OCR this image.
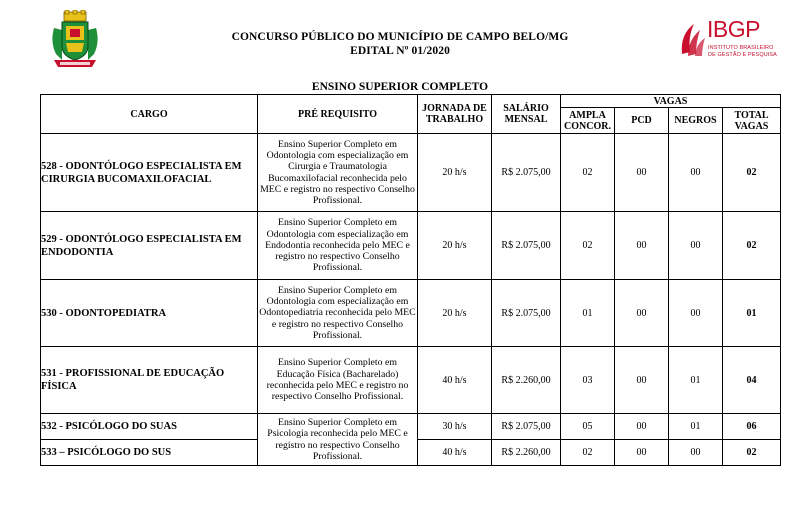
CONCURSO PÚBLICO DO MUNICÍPIO DE CAMPO BELO/MG
EDITAL Nº 01/2020
IBGP
INSTITUTO BRASILEIRO
DE GESTÃO E PESQUISA
ENSINO SUPERIOR COMPLETO
CARGO	PRÉ REQUISITO	JORNADA DE TRABALHO	SALÁRIO MENSAL	VAGAS			
				AMPLA CONCOR.	PCD	NEGROS	TOTAL VAGAS
528 - ODONTÓLOGO ESPECIALISTA EM CIRURGIA BUCOMAXILOFACIAL	Ensino Superior Completo em Odontologia com especialização em Cirurgia e Traumatologia Bucomaxilofacial reconhecida pelo MEC e registro no respectivo Conselho Profissional.	20 h/s	R$ 2.075,00	02	00	00	02
529 - ODONTÓLOGO ESPECIALISTA EM ENDODONTIA	Ensino Superior Completo em Odontologia com especialização em Endodontia reconhecida pelo MEC e registro no respectivo Conselho Profissional.	20 h/s	R$ 2.075,00	02	00	00	02
530 - ODONTOPEDIATRA	Ensino Superior Completo em Odontologia com especialização em Odontopediatria reconhecida pelo MEC e registro no respectivo Conselho Profissional.	20 h/s	R$ 2.075,00	01	00	00	01
531 - PROFISSIONAL DE EDUCAÇÃO FÍSICA	Ensino Superior Completo em Educação Física (Bacharelado) reconhecida pelo MEC e registro no respectivo Conselho Profissional.	40 h/s	R$ 2.260,00	03	00	01	04
532 - PSICÓLOGO DO SUAS	Ensino Superior Completo em Psicologia reconhecida pelo MEC e registro no respectivo Conselho Profissional.	30 h/s	R$ 2.075,00	05	00	01	06
533 – PSICÓLOGO DO SUS		40 h/s	R$ 2.260,00	02	00	00	02
